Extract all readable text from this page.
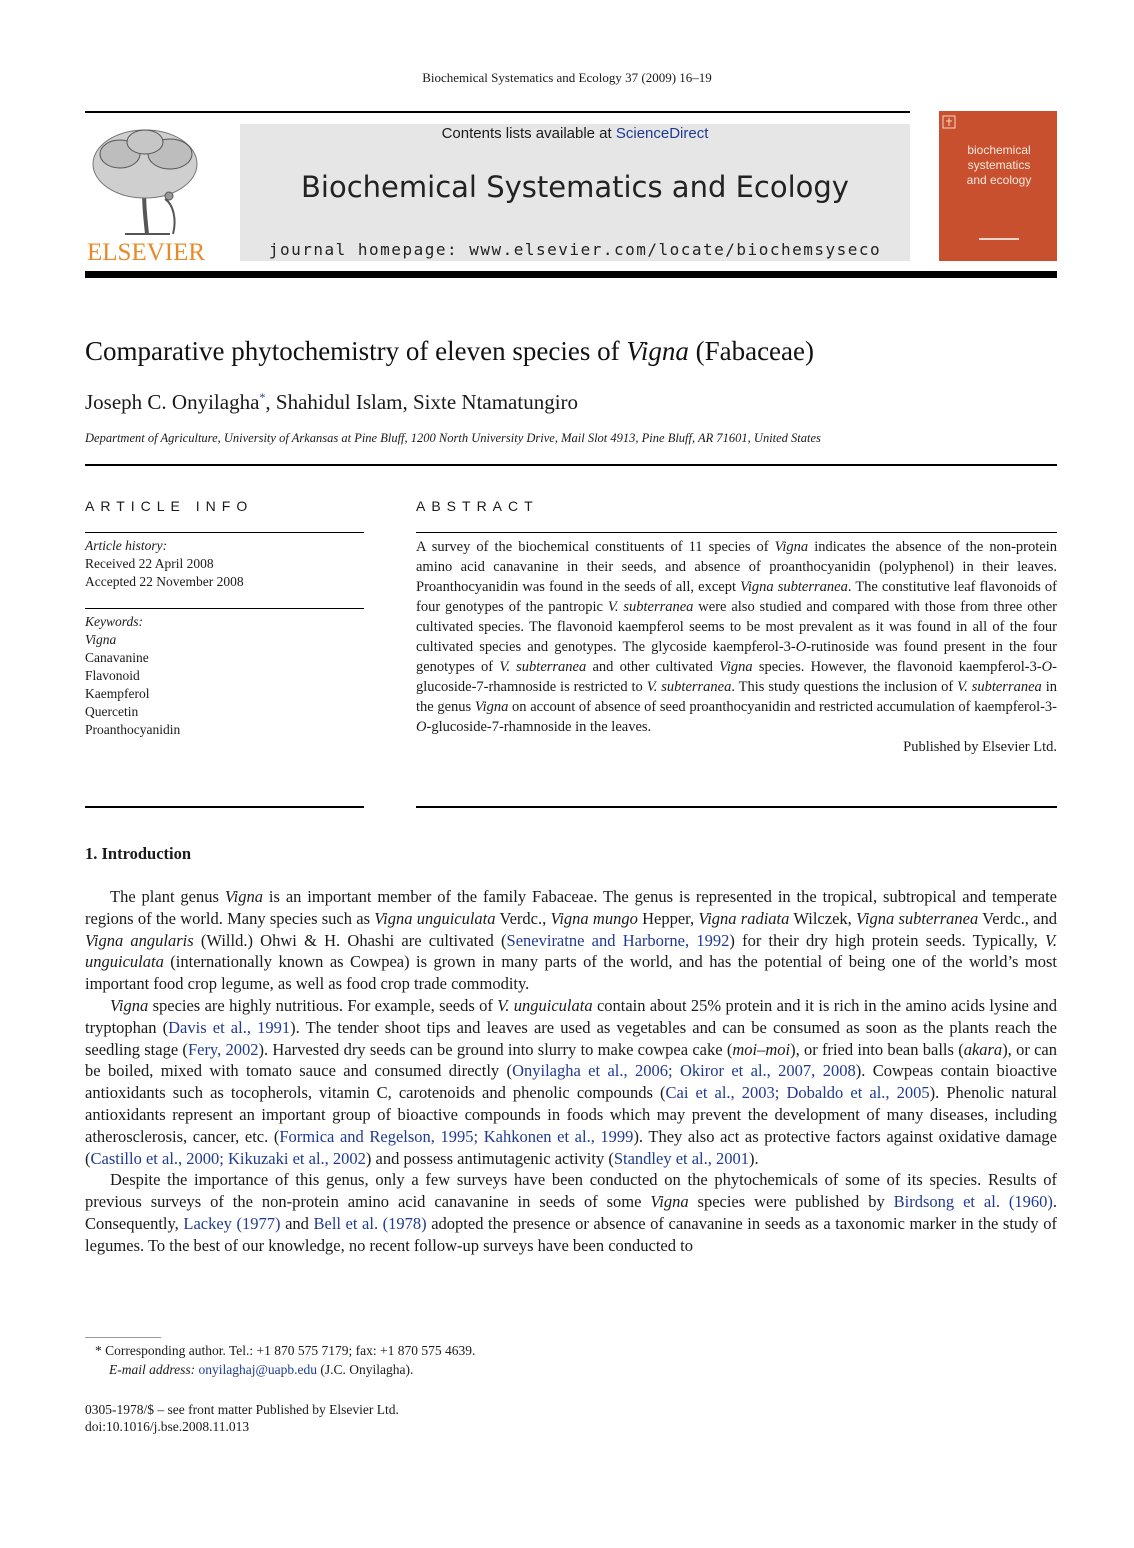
Biochemical Systematics and Ecology 37 (2009) 16–19
ELSEVIER
Contents lists available at ScienceDirect
Biochemical Systematics and Ecology
journal homepage: www.elsevier.com/locate/biochemsyseco
biochemical systematics and ecology
Comparative phytochemistry of eleven species of Vigna (Fabaceae)
Joseph C. Onyilagha*, Shahidul Islam, Sixte Ntamatungiro
Department of Agriculture, University of Arkansas at Pine Bluff, 1200 North University Drive, Mail Slot 4913, Pine Bluff, AR 71601, United States
ARTICLE INFO
Article history:
Received 22 April 2008
Accepted 22 November 2008
Keywords:
Vigna
Canavanine
Flavonoid
Kaempferol
Quercetin
Proanthocyanidin
ABSTRACT
A survey of the biochemical constituents of 11 species of Vigna indicates the absence of the non-protein amino acid canavanine in their seeds, and absence of proanthocyanidin (polyphenol) in their leaves. Proanthocyanidin was found in the seeds of all, except Vigna subterranea. The constitutive leaf flavonoids of four genotypes of the pantropic V. subterranea were also studied and compared with those from three other cultivated species. The flavonoid kaempferol seems to be most prevalent as it was found in all of the four cultivated species and genotypes. The glycoside kaempferol-3-O-rutinoside was found present in the four genotypes of V. subterranea and other cultivated Vigna species. However, the flavonoid kaempferol-3-O-glucoside-7-rhamnoside is restricted to V. subterranea. This study questions the inclusion of V. subterranea in the genus Vigna on account of absence of seed proanthocyanidin and restricted accumulation of kaempferol-3-O-glucoside-7-rhamnoside in the leaves.
Published by Elsevier Ltd.
1. Introduction

The plant genus Vigna is an important member of the family Fabaceae. The genus is represented in the tropical, subtropical and temperate regions of the world. Many species such as Vigna unguiculata Verdc., Vigna mungo Hepper, Vigna radiata Wilczek, Vigna subterranea Verdc., and Vigna angularis (Willd.) Ohwi & H. Ohashi are cultivated (Seneviratne and Harborne, 1992) for their dry high protein seeds. Typically, V. unguiculata (internationally known as Cowpea) is grown in many parts of the world, and has the potential of being one of the world’s most important food crop legume, as well as food crop trade commodity.

Vigna species are highly nutritious. For example, seeds of V. unguiculata contain about 25% protein and it is rich in the amino acids lysine and tryptophan (Davis et al., 1991). The tender shoot tips and leaves are used as vegetables and can be consumed as soon as the plants reach the seedling stage (Fery, 2002). Harvested dry seeds can be ground into slurry to make cowpea cake (moi–moi), or fried into bean balls (akara), or can be boiled, mixed with tomato sauce and consumed directly (Onyilagha et al., 2006; Okiror et al., 2007, 2008). Cowpeas contain bioactive antioxidants such as tocopherols, vitamin C, carotenoids and phenolic compounds (Cai et al., 2003; Dobaldo et al., 2005). Phenolic natural antioxidants represent an important group of bioactive compounds in foods which may prevent the development of many diseases, including atherosclerosis, cancer, etc. (Formica and Regelson, 1995; Kahkonen et al., 1999). They also act as protective factors against oxidative damage (Castillo et al., 2000; Kikuzaki et al., 2002) and possess antimutagenic activity (Standley et al., 2001).

Despite the importance of this genus, only a few surveys have been conducted on the phytochemicals of some of its species. Results of previous surveys of the non-protein amino acid canavanine in seeds of some Vigna species were published by Birdsong et al. (1960). Consequently, Lackey (1977) and Bell et al. (1978) adopted the presence or absence of canavanine in seeds as a taxonomic marker in the study of legumes. To the best of our knowledge, no recent follow-up surveys have been conducted to

* Corresponding author. Tel.: +1 870 575 7179; fax: +1 870 575 4639.
E-mail address: onyilaghaj@uapb.edu (J.C. Onyilagha).
0305-1978/$ – see front matter Published by Elsevier Ltd.
doi:10.1016/j.bse.2008.11.013
